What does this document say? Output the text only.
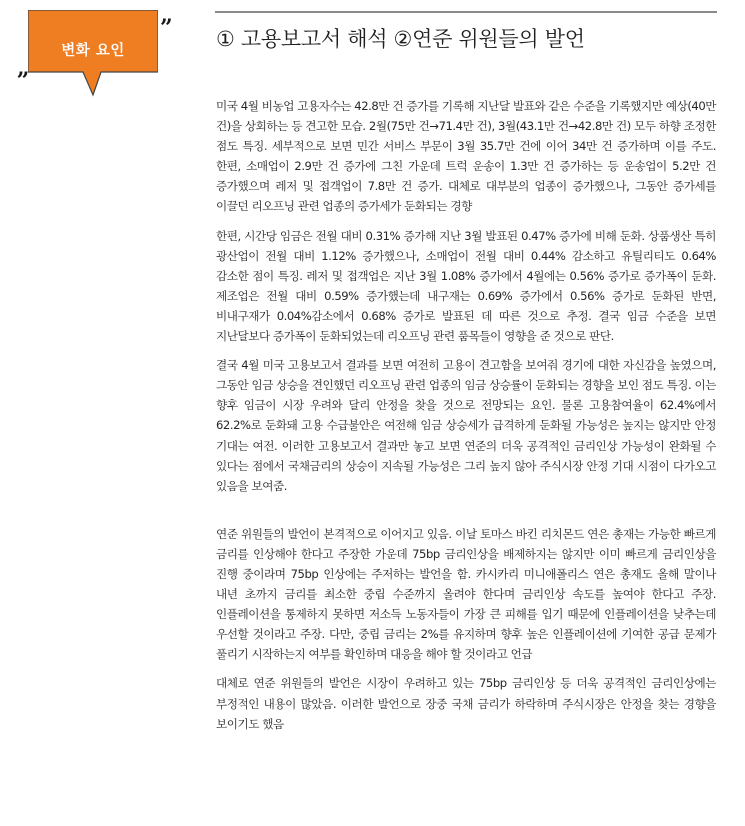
변화 요인
„
” ① 고용보고서 해석 ②연준 위원들의 발언

미국 4월 비농업 고용자수는 42.8만 건 증가를 기록해 지난달 발표와 같은 수준을 기록했지만 예상(40만 건)을 상회하는 등 견고한 모습. 2월(75만 건→71.4만 건), 3월(43.1만 건→42.8만 건) 모두 하향 조정한 점도 특징. 세부적으로 보면 민간 서비스 부문이 3월 35.7만 건에 이어 34만 건 증가하며 이를 주도. 한편, 소매업이 2.9만 건 증가에 그친 가운데 트럭 운송이 1.3만 건 증가하는 등 운송업이 5.2만 건 증가했으며 레저 및 접객업이 7.8만 건 증가. 대체로 대부분의 업종이 증가했으나, 그동안 증가세를 이끌던 리오프닝 관련 업종의 증가세가 둔화되는 경향

한편, 시간당 임금은 전월 대비 0.31% 증가해 지난 3월 발표된 0.47% 증가에 비해 둔화. 상품생산 특히 광산업이 전월 대비 1.12% 증가했으나, 소매업이 전월 대비 0.44% 감소하고 유틸리티도 0.64% 감소한 점이 특징. 레저 및 접객업은 지난 3월 1.08% 증가에서 4월에는 0.56% 증가로 증가폭이 둔화. 제조업은 전월 대비 0.59% 증가했는데 내구재는 0.69% 증가에서 0.56% 증가로 둔화된 반면, 비내구재가 0.04%감소에서 0.68% 증가로 발표된 데 따른 것으로 추정. 결국 임금 수준을 보면 지난달보다 증가폭이 둔화되었는데 리오프닝 관련 품목들이 영향을 준 것으로 판단.

결국 4월 미국 고용보고서 결과를 보면 여전히 고용이 견고함을 보여줘 경기에 대한 자신감을 높였으며, 그동안 임금 상승을 견인했던 리오프닝 관련 업종의 임금 상승률이 둔화되는 경향을 보인 점도 특징. 이는 향후 임금이 시장 우려와 달리 안정을 찾을 것으로 전망되는 요인. 물론 고용참여율이 62.4%에서 62.2%로 둔화돼 고용 수급불안은 여전해 임금 상승세가 급격하게 둔화될 가능성은 높지는 않지만 안정 기대는 여전. 이러한 고용보고서 결과만 놓고 보면 연준의 더욱 공격적인 금리인상 가능성이 완화될 수 있다는 점에서 국채금리의 상승이 지속될 가능성은 그리 높지 않아 주식시장 안정 기대 시점이 다가오고 있음을 보여줌.

연준 위원들의 발언이 본격적으로 이어지고 있음. 이날 토마스 바킨 리치몬드 연은 총재는 가능한 빠르게 금리를 인상해야 한다고 주장한 가운데 75bp 금리인상을 배제하지는 않지만 이미 빠르게 금리인상을 진행 중이라며 75bp 인상에는 주저하는 발언을 함. 카시카리 미니애폴리스 연은 총재도 올해 말이나 내년 초까지 금리를 최소한 중립 수준까지 올려야 한다며 금리인상 속도를 높여야 한다고 주장. 인플레이션을 통제하지 못하면 저소득 노동자들이 가장 큰 피해를 입기 때문에 인플레이션을 낮추는데 우선할 것이라고 주장. 다만, 중립 금리는 2%를 유지하며 향후 높은 인플레이션에 기여한 공급 문제가 풀리기 시작하는지 여부를 확인하며 대응을 해야 할 것이라고 언급

대체로 연준 위원들의 발언은 시장이 우려하고 있는 75bp 금리인상 등 더욱 공격적인 금리인상에는 부정적인 내용이 많았음. 이러한 발언으로 장중 국채 금리가 하락하며 주식시장은 안정을 찾는 경향을 보이기도 했음
